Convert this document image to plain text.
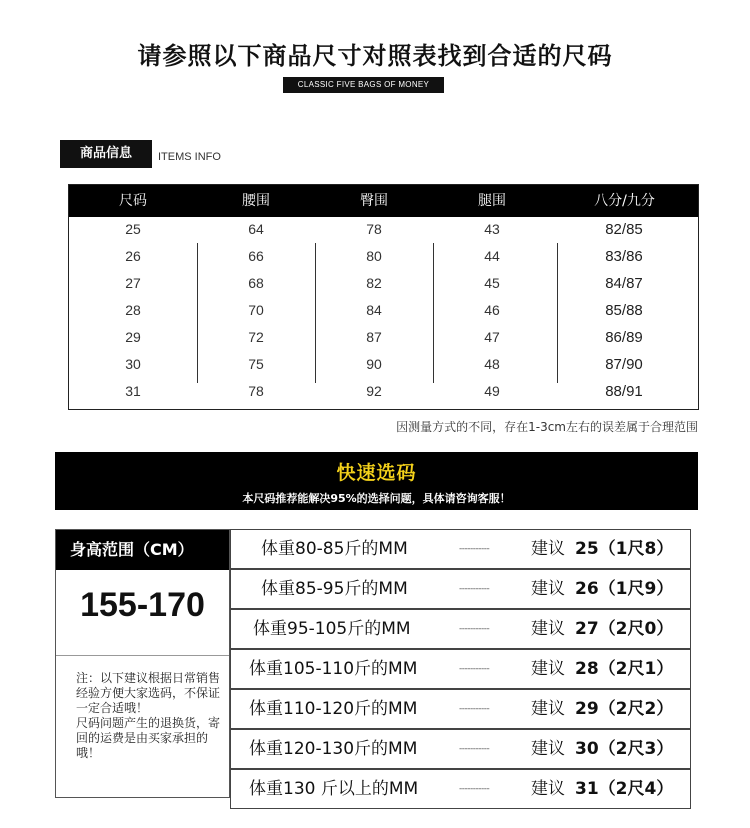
请参照以下商品尺寸对照表找到合适的尺码
CLASSIC FIVE BAGS OF MONEY
商品信息	ITEMS INFO
尺码	腰围	臀围	腿围	八分/九分
25	64	78	43	82/85
26	66	80	44	83/86
27	68	82	45	84/87
28	70	84	46	85/88
29	72	87	47	86/89
30	75	90	48	87/90
31	78	92	49	88/91
因测量方式的不同，存在1-3cm左右的误差属于合理范围
快速选码
本尺码推荐能解决95%的选择问题，具体请咨询客服！
身高范围（CM）
155-170
注：以下建议根据日常销售经验方便大家选码，不保证一定合适哦！
尺码问题产生的退换货，寄回的运费是由买家承担的哦！
体重80-85斤的MM	-----------	建议 25（1尺8）
体重85-95斤的MM	-----------	建议 26（1尺9）
体重95-105斤的MM	-----------	建议 27（2尺0）
体重105-110斤的MM	-----------	建议 28（2尺1）
体重110-120斤的MM	-----------	建议 29（2尺2）
体重120-130斤的MM	-----------	建议 30（2尺3）
体重130 斤以上的MM	-----------	建议 31（2尺4）
